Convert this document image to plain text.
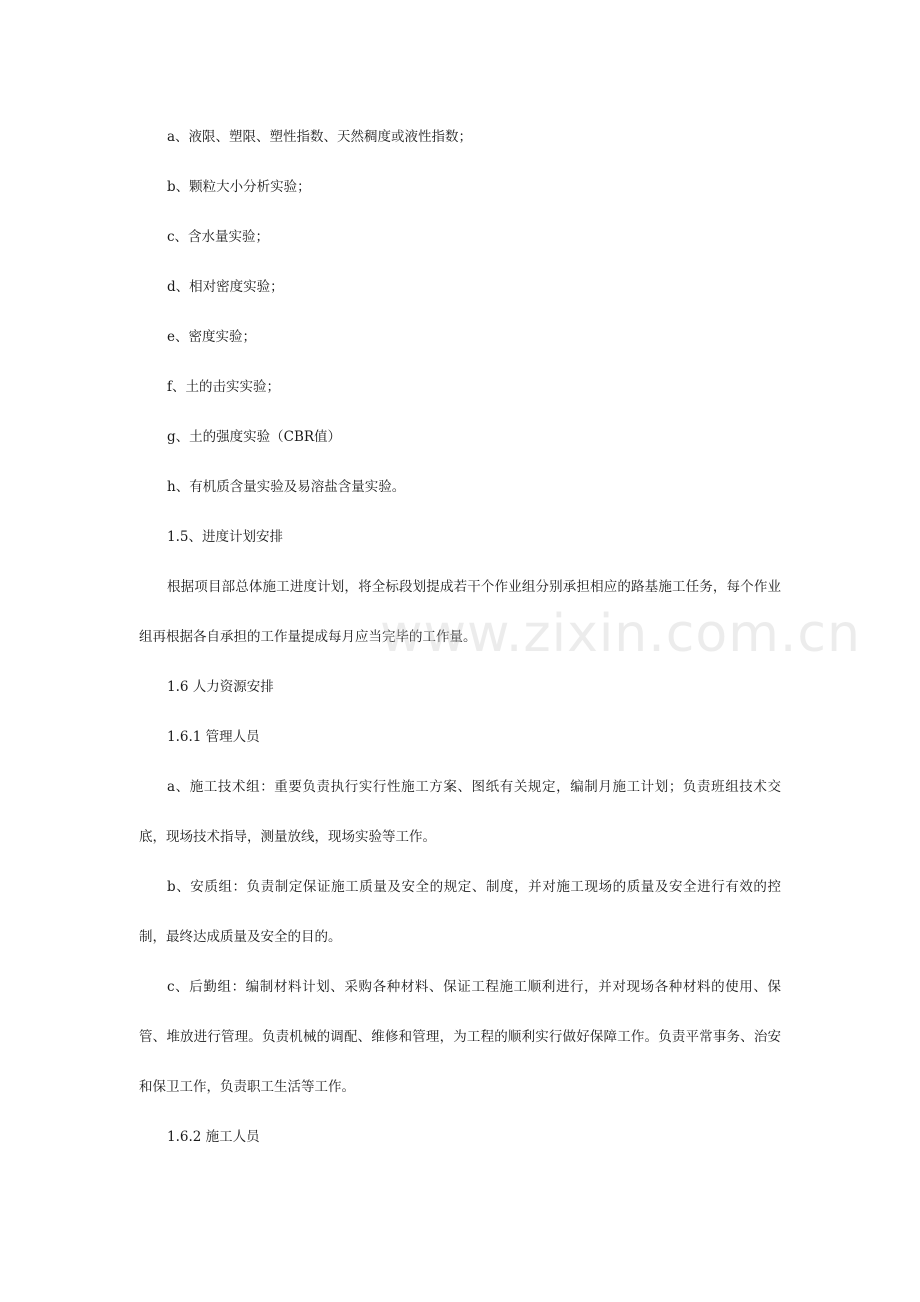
a、液限、塑限、塑性指数、天然稠度或液性指数；

b、颗粒大小分析实验；

c、含水量实验；

d、相对密度实验；

e、密度实验；

f、土的击实实验；

g、土的强度实验（CBR值）

h、有机质含量实验及易溶盐含量实验。

1.5、进度计划安排

根据项目部总体施工进度计划，将全标段划提成若干个作业组分别承担相应的路基施工任务，每个作业组再根据各自承担的工作量提成每月应当完毕的工作量。

1.6 人力资源安排

1.6.1 管理人员

a、施工技术组：重要负责执行实行性施工方案、图纸有关规定，编制月施工计划；负责班组技术交底，现场技术指导，测量放线，现场实验等工作。

b、安质组：负责制定保证施工质量及安全的规定、制度，并对施工现场的质量及安全进行有效的控制，最终达成质量及安全的目的。

c、后勤组：编制材料计划、采购各种材料、保证工程施工顺利进行，并对现场各种材料的使用、保管、堆放进行管理。负责机械的调配、维修和管理，为工程的顺利实行做好保障工作。负责平常事务、治安和保卫工作，负责职工生活等工作。

1.6.2 施工人员

www.zixin.com.cn
